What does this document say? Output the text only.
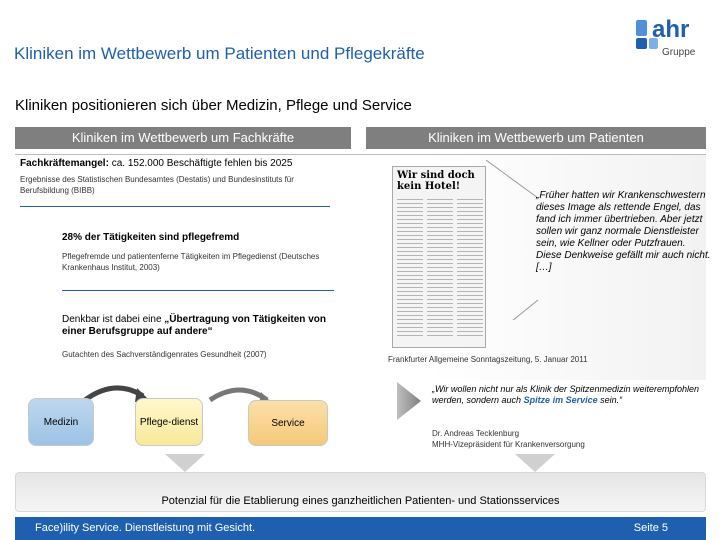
Kliniken im Wettbewerb um Patienten und Pflegekräfte
ahr
Gruppe
Kliniken positionieren sich über Medizin, Pflege und Service
Kliniken im Wettbewerb um Fachkräfte	Kliniken im Wettbewerb um Patienten
Fachkräftemangel: ca. 152.000 Beschäftigte fehlen bis 2025
Ergebnisse des Statistischen Bundesamtes (Destatis) und Bundesinstituts für Berufsbildung (BIBB)
28% der Tätigkeiten sind pflegefremd
Pflegefremde und patientenferne Tätigkeiten im Pflegedienst (Deutsches Krankenhaus Institut, 2003)
Denkbar ist dabei eine „Übertragung von Tätigkeiten von einer Berufsgruppe auf andere“
Gutachten des Sachverständigenrates Gesundheit (2007)
Medizin	Pflege-dienst	Service
Wir sind doch kein Hotel!
„Früher hatten wir Krankenschwestern dieses Image als rettende Engel, das fand ich immer übertrieben. Aber jetzt sollen wir ganz normale Dienstleister sein, wie Kellner oder Putzfrauen. Diese Denkweise gefällt mir auch nicht. […]
Frankfurter Allgemeine Sonntagszeitung, 5. Januar 2011
„Wir wollen nicht nur als Klinik der Spitzenmedizin weiterempfohlen werden, sondern auch Spitze im Service sein.“
Dr. Andreas Tecklenburg
MHH-Vizepräsident für Krankenversorgung
Potenzial für die Etablierung eines ganzheitlichen Patienten- und Stationsservices
Face)ility Service. Dienstleistung mit Gesicht.	Seite 5
